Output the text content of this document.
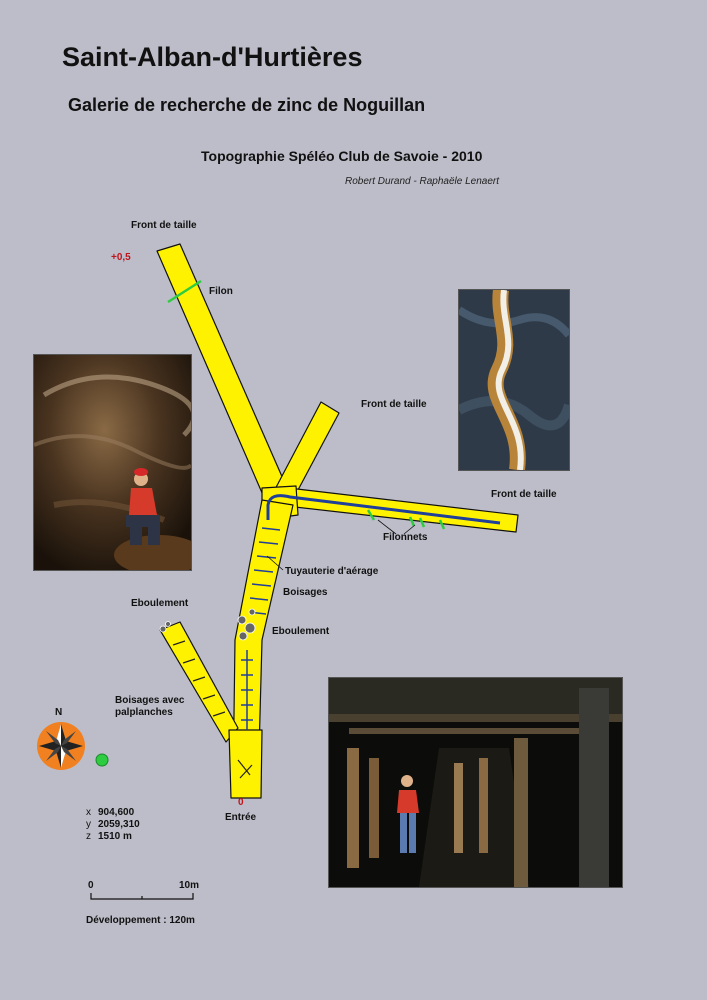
Saint-Alban-d'Hurtières
Galerie de recherche de zinc de Noguillan
Topographie Spéléo Club de Savoie - 2010
Robert Durand - Raphaële Lenaert
Front de taille
+0,5
Filon
Front de taille
Front de taille
Filonnets
Tuyauterie d'aérage
Boisages
Eboulement
Eboulement
Boisages avec
palplanches
N
0
Entrée
x 904,600
y 2059,310
z 1510 m
0	10m
Développement : 120m
